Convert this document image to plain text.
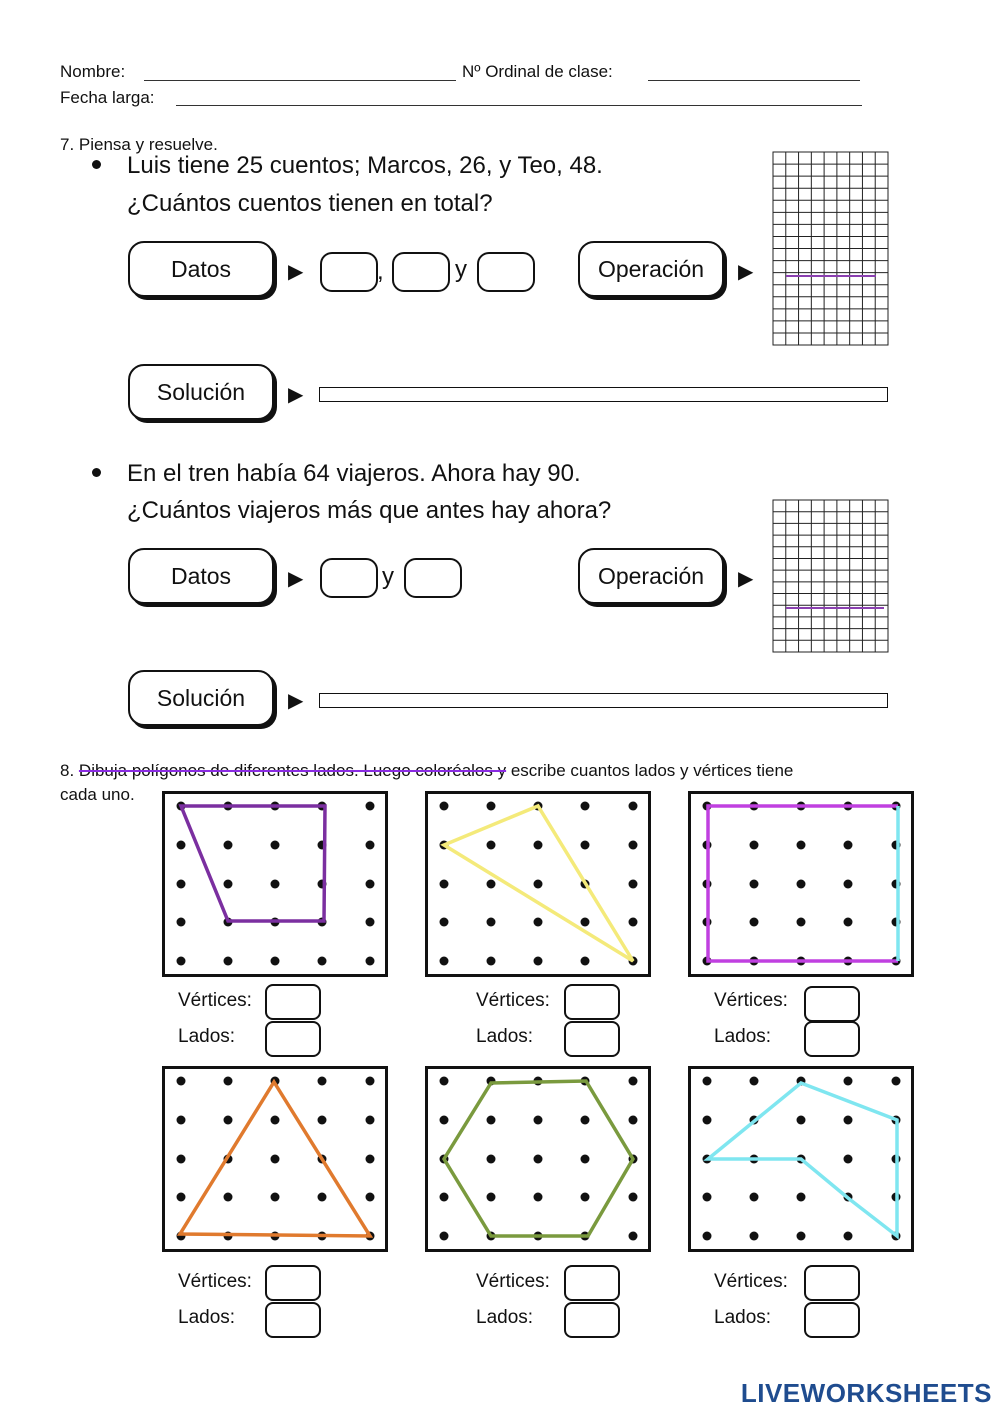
Nombre:	Nº Ordinal de clase:
Fecha larga:
7. Piensa y resuelve.
Luis tiene 25 cuentos; Marcos, 26, y Teo, 48.
¿Cuántos cuentos tienen en total?
Datos	▶	,	y	Operación	▶
Solución	▶
En el tren había 64 viajeros. Ahora hay 90.
¿Cuántos viajeros más que antes hay ahora?
Datos	▶	y	Operación	▶
Solución	▶
8. Dibuja polígonos de diferentes lados. Luego coloréalos y escribe cuantos lados y vértices tiene
cada uno.
Vértices:
Lados:
Vértices:
Lados:
Vértices:
Lados:
Vértices:
Lados:
Vértices:
Lados:
Vértices:
Lados:
LIVEWORKSHEETS
